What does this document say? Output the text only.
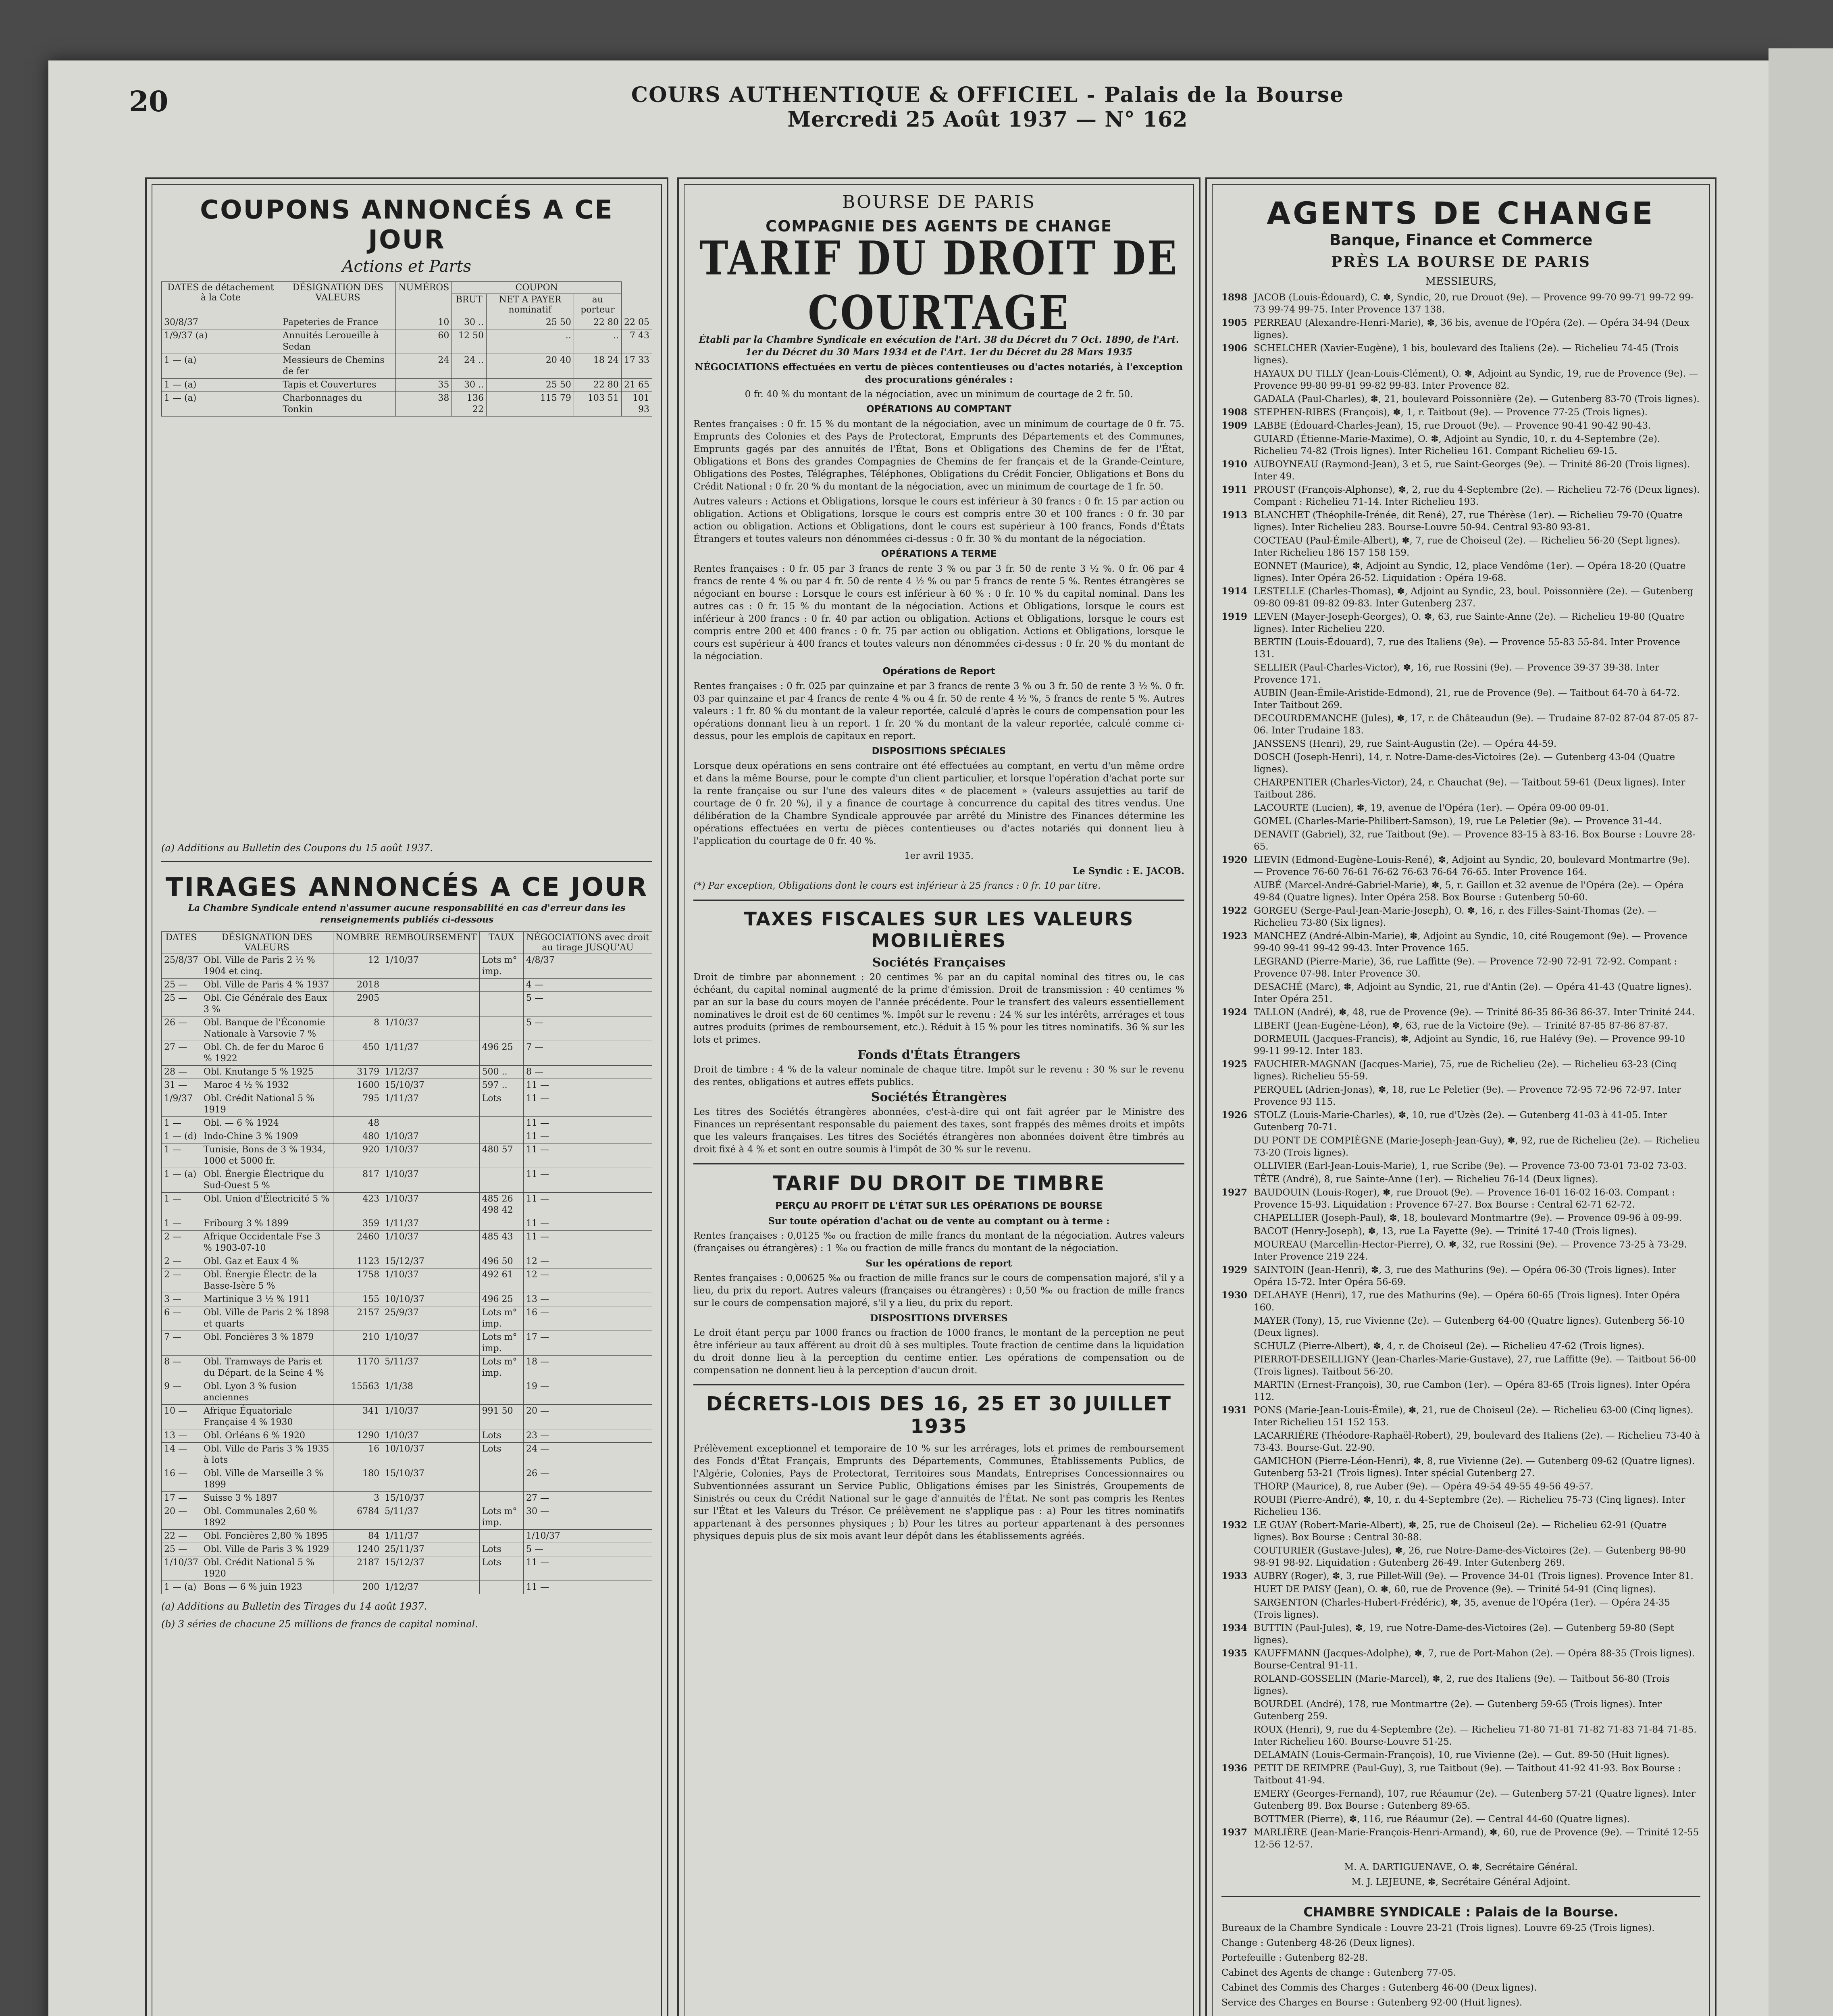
20	COURS AUTHENTIQUE & OFFICIEL - Palais de la Bourse
Mercredi 25 Août 1937 — N° 162
COUPONS ANNONCÉS A CE JOUR
Actions et Parts
DATES de détachement à la Cote	DÉSIGNATION DES VALEURS	NUMÉROS	COUPON			
			BRUT	NET A PAYER nominatif	au porteur	
30/8/37	Papeteries de France	10	30 ..	25 50	22 80	22 05
1/9/37 (a)	Annuités Leroueille à Sedan	60	12 50	..	..	7 43
1 — (a)	Messieurs de Chemins de fer	24	24 ..	20 40	18 24	17 33
1 — (a)	Tapis et Couvertures	35	30 ..	25 50	22 80	21 65
1 — (a)	Charbonnages du Tonkin	38	136 22	115 79	103 51	101 93
(a) Additions au Bulletin des Coupons du 15 août 1937.
TIRAGES ANNONCÉS A CE JOUR
La Chambre Syndicale entend n'assumer aucune responsabilité en cas d'erreur dans les renseignements publiés ci-dessous
DATES	DÉSIGNATION DES VALEURS	NOMBRE	REMBOURSEMENT	TAUX	NÉGOCIATIONS avec droit au tirage JUSQU'AU
25/8/37	Obl. Ville de Paris 2 ½ % 1904 et cinq.	12	1/10/37	Lots m° imp.	4/8/37
25 —	Obl. Ville de Paris 4 % 1937	2018			4 —
25 —	Obl. Cie Générale des Eaux 3 %	2905			5 —
26 —	Obl. Banque de l'Économie Nationale à Varsovie 7 %	8	1/10/37		5 —
27 —	Obl. Ch. de fer du Maroc 6 % 1922	450	1/11/37	496 25	7 —
28 —	Obl. Knutange 5 % 1925	3179	1/12/37	500 ..	8 —
31 —	Maroc 4 ½ % 1932	1600	15/10/37	597 ..	11 —
1/9/37	Obl. Crédit National 5 % 1919	795	1/11/37	Lots	11 —
1 —	Obl. — 6 % 1924	48			11 —
1 — (d)	Indo-Chine 3 % 1909	480	1/10/37		11 —
1 —	Tunisie, Bons de 3 % 1934, 1000 et 5000 fr.	920	1/10/37	480 57	11 —
1 — (a)	Obl. Énergie Électrique du Sud-Ouest 5 %	817	1/10/37		11 —
1 —	Obl. Union d'Électricité 5 %	423	1/10/37	485 26 498 42	11 —
1 —	Fribourg 3 % 1899	359	1/11/37		11 —
2 —	Afrique Occidentale Fse 3 % 1903-07-10	2460	1/10/37	485 43	11 —
2 —	Obl. Gaz et Eaux 4 %	1123	15/12/37	496 50	12 —
2 —	Obl. Énergie Électr. de la Basse-Isère 5 %	1758	1/10/37	492 61	12 —
3 —	Martinique 3 ½ % 1911	155	10/10/37	496 25	13 —
6 —	Obl. Ville de Paris 2 % 1898 et quarts	2157	25/9/37	Lots m° imp.	16 —
7 —	Obl. Foncières 3 % 1879	210	1/10/37	Lots m° imp.	17 —
8 —	Obl. Tramways de Paris et du Départ. de la Seine 4 %	1170	5/11/37	Lots m° imp.	18 —
9 —	Obl. Lyon 3 % fusion anciennes	15563	1/1/38		19 —
10 —	Afrique Équatoriale Française 4 % 1930	341	1/10/37	991 50	20 —
13 —	Obl. Orléans 6 % 1920	1290	1/10/37	Lots	23 —
14 —	Obl. Ville de Paris 3 % 1935 à lots	16	10/10/37	Lots	24 —
16 —	Obl. Ville de Marseille 3 % 1899	180	15/10/37		26 —
17 —	Suisse 3 % 1897	3	15/10/37		27 —
20 —	Obl. Communales 2,60 % 1892	6784	5/11/37	Lots m° imp.	30 —
22 —	Obl. Foncières 2,80 % 1895	84	1/11/37		1/10/37
25 —	Obl. Ville de Paris 3 % 1929	1240	25/11/37	Lots	5 —
1/10/37	Obl. Crédit National 5 % 1920	2187	15/12/37	Lots	11 —
1 — (a)	Bons — 6 % juin 1923	200	1/12/37		11 —
(a) Additions au Bulletin des Tirages du 14 août 1937.
(b) 3 séries de chacune 25 millions de francs de capital nominal.
BOURSE DE PARIS
COMPAGNIE DES AGENTS DE CHANGE
TARIF DU DROIT DE COURTAGE
Établi par la Chambre Syndicale en exécution de l'Art. 38 du Décret du 7 Oct. 1890, de l'Art. 1er du Décret du 30 Mars 1934 et de l'Art. 1er du Décret du 28 Mars 1935
NÉGOCIATIONS effectuées en vertu de pièces contentieuses ou d'actes notariés, à l'exception des procurations générales :
0 fr. 40 % du montant de la négociation, avec un minimum de courtage de 2 fr. 50.
OPÉRATIONS AU COMPTANT
Rentes françaises : 0 fr. 15 % du montant de la négociation, avec un minimum de courtage de 0 fr. 75. Emprunts des Colonies et des Pays de Protectorat, Emprunts des Départements et des Communes, Emprunts gagés par des annuités de l'État, Bons et Obligations des Chemins de fer de l'État, Obligations et Bons des grandes Compagnies de Chemins de fer français et de la Grande-Ceinture, Obligations des Postes, Télégraphes, Téléphones, Obligations du Crédit Foncier, Obligations et Bons du Crédit National : 0 fr. 20 % du montant de la négociation, avec un minimum de courtage de 1 fr. 50.
Autres valeurs : Actions et Obligations, lorsque le cours est inférieur à 30 francs : 0 fr. 15 par action ou obligation. Actions et Obligations, lorsque le cours est compris entre 30 et 100 francs : 0 fr. 30 par action ou obligation. Actions et Obligations, dont le cours est supérieur à 100 francs, Fonds d'États Étrangers et toutes valeurs non dénommées ci-dessus : 0 fr. 30 % du montant de la négociation.
OPÉRATIONS A TERME
Rentes françaises : 0 fr. 05 par 3 francs de rente 3 % ou par 3 fr. 50 de rente 3 ½ %. 0 fr. 06 par 4 francs de rente 4 % ou par 4 fr. 50 de rente 4 ½ % ou par 5 francs de rente 5 %. Rentes étrangères se négociant en bourse : Lorsque le cours est inférieur à 60 % : 0 fr. 10 % du capital nominal. Dans les autres cas : 0 fr. 15 % du montant de la négociation. Actions et Obligations, lorsque le cours est inférieur à 200 francs : 0 fr. 40 par action ou obligation. Actions et Obligations, lorsque le cours est compris entre 200 et 400 francs : 0 fr. 75 par action ou obligation. Actions et Obligations, lorsque le cours est supérieur à 400 francs et toutes valeurs non dénommées ci-dessus : 0 fr. 20 % du montant de la négociation.
Opérations de Report
Rentes françaises : 0 fr. 025 par quinzaine et par 3 francs de rente 3 % ou 3 fr. 50 de rente 3 ½ %. 0 fr. 03 par quinzaine et par 4 francs de rente 4 % ou 4 fr. 50 de rente 4 ½ %, 5 francs de rente 5 %. Autres valeurs : 1 fr. 80 % du montant de la valeur reportée, calculé d'après le cours de compensation pour les opérations donnant lieu à un report. 1 fr. 20 % du montant de la valeur reportée, calculé comme ci-dessus, pour les emplois de capitaux en report.
DISPOSITIONS SPÉCIALES
Lorsque deux opérations en sens contraire ont été effectuées au comptant, en vertu d'un même ordre et dans la même Bourse, pour le compte d'un client particulier, et lorsque l'opération d'achat porte sur la rente française ou sur l'une des valeurs dites « de placement » (valeurs assujetties au tarif de courtage de 0 fr. 20 %), il y a finance de courtage à concurrence du capital des titres vendus. Une délibération de la Chambre Syndicale approuvée par arrêté du Ministre des Finances détermine les opérations effectuées en vertu de pièces contentieuses ou d'actes notariés qui donnent lieu à l'application du courtage de 0 fr. 40 %.
1er avril 1935.
Le Syndic : E. JACOB.
(*) Par exception, Obligations dont le cours est inférieur à 25 francs : 0 fr. 10 par titre.
TAXES FISCALES SUR LES VALEURS MOBILIÈRES
Sociétés Françaises
Droit de timbre par abonnement : 20 centimes % par an du capital nominal des titres ou, le cas échéant, du capital nominal augmenté de la prime d'émission. Droit de transmission : 40 centimes % par an sur la base du cours moyen de l'année précédente. Pour le transfert des valeurs essentiellement nominatives le droit est de 60 centimes %. Impôt sur le revenu : 24 % sur les intérêts, arrérages et tous autres produits (primes de remboursement, etc.). Réduit à 15 % pour les titres nominatifs. 36 % sur les lots et primes.
Fonds d'États Étrangers
Droit de timbre : 4 % de la valeur nominale de chaque titre. Impôt sur le revenu : 30 % sur le revenu des rentes, obligations et autres effets publics.
Sociétés Étrangères
Les titres des Sociétés étrangères abonnées, c'est-à-dire qui ont fait agréer par le Ministre des Finances un représentant responsable du paiement des taxes, sont frappés des mêmes droits et impôts que les valeurs françaises. Les titres des Sociétés étrangères non abonnées doivent être timbrés au droit fixé à 4 % et sont en outre soumis à l'impôt de 30 % sur le revenu.
TARIF DU DROIT DE TIMBRE
PERÇU AU PROFIT DE L'ÉTAT SUR LES OPÉRATIONS DE BOURSE
Sur toute opération d'achat ou de vente au comptant ou à terme :
Rentes françaises : 0,0125 ‰ ou fraction de mille francs du montant de la négociation. Autres valeurs (françaises ou étrangères) : 1 ‰ ou fraction de mille francs du montant de la négociation.
Sur les opérations de report
Rentes françaises : 0,00625 ‰ ou fraction de mille francs sur le cours de compensation majoré, s'il y a lieu, du prix du report. Autres valeurs (françaises ou étrangères) : 0,50 ‰ ou fraction de mille francs sur le cours de compensation majoré, s'il y a lieu, du prix du report.
DISPOSITIONS DIVERSES
Le droit étant perçu par 1000 francs ou fraction de 1000 francs, le montant de la perception ne peut être inférieur au taux afférent au droit dû à ses multiples. Toute fraction de centime dans la liquidation du droit donne lieu à la perception du centime entier. Les opérations de compensation ou de compensation ne donnent lieu à la perception d'aucun droit.
DÉCRETS-LOIS DES 16, 25 ET 30 JUILLET 1935
Prélèvement exceptionnel et temporaire de 10 % sur les arrérages, lots et primes de remboursement des Fonds d'État Français, Emprunts des Départements, Communes, Établissements Publics, de l'Algérie, Colonies, Pays de Protectorat, Territoires sous Mandats, Entreprises Concessionnaires ou Subventionnées assurant un Service Public, Obligations émises par les Sinistrés, Groupements de Sinistrés ou ceux du Crédit National sur le gage d'annuités de l'État. Ne sont pas compris les Rentes sur l'État et les Valeurs du Trésor. Ce prélèvement ne s'applique pas : a) Pour les titres nominatifs appartenant à des personnes physiques ; b) Pour les titres au porteur appartenant à des personnes physiques depuis plus de six mois avant leur dépôt dans les établissements agréés.
AGENTS DE CHANGE
Banque, Finance et Commerce
PRÈS LA BOURSE DE PARIS
MESSIEURS,
1898 JACOB (Louis-Édouard), C. ✽, Syndic, 20, rue Drouot (9e). — Provence 99-70 99-71 99-72 99-73 99-74 99-75. Inter Provence 137 138.
1905 PERREAU (Alexandre-Henri-Marie), ✽, 36 bis, avenue de l'Opéra (2e). — Opéra 34-94 (Deux lignes).
1906 SCHELCHER (Xavier-Eugène), 1 bis, boulevard des Italiens (2e). — Richelieu 74-45 (Trois lignes).
HAYAUX DU TILLY (Jean-Louis-Clément), O. ✽, Adjoint au Syndic, 19, rue de Provence (9e). — Provence 99-80 99-81 99-82 99-83. Inter Provence 82.
GADALA (Paul-Charles), ✽, 21, boulevard Poissonnière (2e). — Gutenberg 83-70 (Trois lignes).
1908 STEPHEN-RIBES (François), ✽, 1, r. Taitbout (9e). — Provence 77-25 (Trois lignes).
1909 LABBE (Édouard-Charles-Jean), 15, rue Drouot (9e). — Provence 90-41 90-42 90-43.
GUIARD (Étienne-Marie-Maxime), O. ✽, Adjoint au Syndic, 10, r. du 4-Septembre (2e). Richelieu 74-82 (Trois lignes). Inter Richelieu 161. Compant Richelieu 69-15.
1910 AUBOYNEAU (Raymond-Jean), 3 et 5, rue Saint-Georges (9e). — Trinité 86-20 (Trois lignes). Inter 49.
1911 PROUST (François-Alphonse), ✽, 2, rue du 4-Septembre (2e). — Richelieu 72-76 (Deux lignes). Compant : Richelieu 71-14. Inter Richelieu 193.
1913 BLANCHET (Théophile-Irénée, dit René), 27, rue Thérèse (1er). — Richelieu 79-70 (Quatre lignes). Inter Richelieu 283. Bourse-Louvre 50-94. Central 93-80 93-81.
COCTEAU (Paul-Émile-Albert), ✽, 7, rue de Choiseul (2e). — Richelieu 56-20 (Sept lignes). Inter Richelieu 186 157 158 159.
EONNET (Maurice), ✽, Adjoint au Syndic, 12, place Vendôme (1er). — Opéra 18-20 (Quatre lignes). Inter Opéra 26-52. Liquidation : Opéra 19-68.
1914 LESTELLE (Charles-Thomas), ✽, Adjoint au Syndic, 23, boul. Poissonnière (2e). — Gutenberg 09-80 09-81 09-82 09-83. Inter Gutenberg 237.
1919 LEVEN (Mayer-Joseph-Georges), O. ✽, 63, rue Sainte-Anne (2e). — Richelieu 19-80 (Quatre lignes). Inter Richelieu 220.
BERTIN (Louis-Édouard), 7, rue des Italiens (9e). — Provence 55-83 55-84. Inter Provence 131.
SELLIER (Paul-Charles-Victor), ✽, 16, rue Rossini (9e). — Provence 39-37 39-38. Inter Provence 171.
AUBIN (Jean-Émile-Aristide-Edmond), 21, rue de Provence (9e). — Taitbout 64-70 à 64-72. Inter Taitbout 269.
DECOURDEMANCHE (Jules), ✽, 17, r. de Châteaudun (9e). — Trudaine 87-02 87-04 87-05 87-06. Inter Trudaine 183.
JANSSENS (Henri), 29, rue Saint-Augustin (2e). — Opéra 44-59.
DOSCH (Joseph-Henri), 14, r. Notre-Dame-des-Victoires (2e). — Gutenberg 43-04 (Quatre lignes).
CHARPENTIER (Charles-Victor), 24, r. Chauchat (9e). — Taitbout 59-61 (Deux lignes). Inter Taitbout 286.
LACOURTE (Lucien), ✽, 19, avenue de l'Opéra (1er). — Opéra 09-00 09-01.
GOMEL (Charles-Marie-Philibert-Samson), 19, rue Le Peletier (9e). — Provence 31-44.
DENAVIT (Gabriel), 32, rue Taitbout (9e). — Provence 83-15 à 83-16. Box Bourse : Louvre 28-65.
1920 LIEVIN (Edmond-Eugène-Louis-René), ✽, Adjoint au Syndic, 20, boulevard Montmartre (9e). — Provence 76-60 76-61 76-62 76-63 76-64 76-65. Inter Provence 164.
AUBÉ (Marcel-André-Gabriel-Marie), ✽, 5, r. Gaillon et 32 avenue de l'Opéra (2e). — Opéra 49-84 (Quatre lignes). Inter Opéra 258. Box Bourse : Gutenberg 50-60.
1922 GORGEU (Serge-Paul-Jean-Marie-Joseph), O. ✽, 16, r. des Filles-Saint-Thomas (2e). — Richelieu 73-80 (Six lignes).
1923 MANCHEZ (André-Albin-Marie), ✽, Adjoint au Syndic, 10, cité Rougemont (9e). — Provence 99-40 99-41 99-42 99-43. Inter Provence 165.
LEGRAND (Pierre-Marie), 36, rue Laffitte (9e). — Provence 72-90 72-91 72-92. Compant : Provence 07-98. Inter Provence 30.
DESACHÉ (Marc), ✽, Adjoint au Syndic, 21, rue d'Antin (2e). — Opéra 41-43 (Quatre lignes). Inter Opéra 251.
1924 TALLON (André), ✽, 48, rue de Provence (9e). — Trinité 86-35 86-36 86-37. Inter Trinité 244.
LIBERT (Jean-Eugène-Léon), ✽, 63, rue de la Victoire (9e). — Trinité 87-85 87-86 87-87.
DORMEUIL (Jacques-Francis), ✽, Adjoint au Syndic, 16, rue Halévy (9e). — Provence 99-10 99-11 99-12. Inter 183.
1925 FAUCHIER-MAGNAN (Jacques-Marie), 75, rue de Richelieu (2e). — Richelieu 63-23 (Cinq lignes). Richelieu 55-59.
PERQUEL (Adrien-Jonas), ✽, 18, rue Le Peletier (9e). — Provence 72-95 72-96 72-97. Inter Provence 93 115.
1926 STOLZ (Louis-Marie-Charles), ✽, 10, rue d'Uzès (2e). — Gutenberg 41-03 à 41-05. Inter Gutenberg 70-71.
DU PONT DE COMPIÈGNE (Marie-Joseph-Jean-Guy), ✽, 92, rue de Richelieu (2e). — Richelieu 73-20 (Trois lignes).
OLLIVIER (Earl-Jean-Louis-Marie), 1, rue Scribe (9e). — Provence 73-00 73-01 73-02 73-03.
TÊTE (André), 8, rue Sainte-Anne (1er). — Richelieu 76-14 (Deux lignes).
1927 BAUDOUIN (Louis-Roger), ✽, rue Drouot (9e). — Provence 16-01 16-02 16-03. Compant : Provence 15-93. Liquidation : Provence 67-27. Box Bourse : Central 62-71 62-72.
CHAPELLIER (Joseph-Paul), ✽, 18, boulevard Montmartre (9e). — Provence 09-96 à 09-99.
BACOT (Henry-Joseph), ✽, 13, rue La Fayette (9e). — Trinité 17-40 (Trois lignes).
MOUREAU (Marcellin-Hector-Pierre), O. ✽, 32, rue Rossini (9e). — Provence 73-25 à 73-29. Inter Provence 219 224.
1929 SAINTOIN (Jean-Henri), ✽, 3, rue des Mathurins (9e). — Opéra 06-30 (Trois lignes). Inter Opéra 15-72. Inter Opéra 56-69.
1930 DELAHAYE (Henri), 17, rue des Mathurins (9e). — Opéra 60-65 (Trois lignes). Inter Opéra 160.
MAYER (Tony), 15, rue Vivienne (2e). — Gutenberg 64-00 (Quatre lignes). Gutenberg 56-10 (Deux lignes).
SCHULZ (Pierre-Albert), ✽, 4, r. de Choiseul (2e). — Richelieu 47-62 (Trois lignes).
PIERROT-DESEILLIGNY (Jean-Charles-Marie-Gustave), 27, rue Laffitte (9e). — Taitbout 56-00 (Trois lignes). Taitbout 56-20.
MARTIN (Ernest-François), 30, rue Cambon (1er). — Opéra 83-65 (Trois lignes). Inter Opéra 112.
1931 PONS (Marie-Jean-Louis-Émile), ✽, 21, rue de Choiseul (2e). — Richelieu 63-00 (Cinq lignes). Inter Richelieu 151 152 153.
LACARRIÈRE (Théodore-Raphaël-Robert), 29, boulevard des Italiens (2e). — Richelieu 73-40 à 73-43. Bourse-Gut. 22-90.
GAMICHON (Pierre-Léon-Henri), ✽, 8, rue Vivienne (2e). — Gutenberg 09-62 (Quatre lignes). Gutenberg 53-21 (Trois lignes). Inter spécial Gutenberg 27.
THORP (Maurice), 8, rue Auber (9e). — Opéra 49-54 49-55 49-56 49-57.
ROUBI (Pierre-André), ✽, 10, r. du 4-Septembre (2e). — Richelieu 75-73 (Cinq lignes). Inter Richelieu 136.
1932 LE GUAY (Robert-Marie-Albert), ✽, 25, rue de Choiseul (2e). — Richelieu 62-91 (Quatre lignes). Box Bourse : Central 30-88.
COUTURIER (Gustave-Jules), ✽, 26, rue Notre-Dame-des-Victoires (2e). — Gutenberg 98-90 98-91 98-92. Liquidation : Gutenberg 26-49. Inter Gutenberg 269.
1933 AUBRY (Roger), ✽, 3, rue Pillet-Will (9e). — Provence 34-01 (Trois lignes). Provence Inter 81.
HUET DE PAISY (Jean), O. ✽, 60, rue de Provence (9e). — Trinité 54-91 (Cinq lignes).
SARGENTON (Charles-Hubert-Frédéric), ✽, 35, avenue de l'Opéra (1er). — Opéra 24-35 (Trois lignes).
1934 BUTTIN (Paul-Jules), ✽, 19, rue Notre-Dame-des-Victoires (2e). — Gutenberg 59-80 (Sept lignes).
1935 KAUFFMANN (Jacques-Adolphe), ✽, 7, rue de Port-Mahon (2e). — Opéra 88-35 (Trois lignes). Bourse-Central 91-11.
ROLAND-GOSSELIN (Marie-Marcel), ✽, 2, rue des Italiens (9e). — Taitbout 56-80 (Trois lignes).
BOURDEL (André), 178, rue Montmartre (2e). — Gutenberg 59-65 (Trois lignes). Inter Gutenberg 259.
ROUX (Henri), 9, rue du 4-Septembre (2e). — Richelieu 71-80 71-81 71-82 71-83 71-84 71-85. Inter Richelieu 160. Bourse-Louvre 51-25.
DELAMAIN (Louis-Germain-François), 10, rue Vivienne (2e). — Gut. 89-50 (Huit lignes).
1936 PETIT DE REIMPRE (Paul-Guy), 3, rue Taitbout (9e). — Taitbout 41-92 41-93. Box Bourse : Taitbout 41-94.
EMERY (Georges-Fernand), 107, rue Réaumur (2e). — Gutenberg 57-21 (Quatre lignes). Inter Gutenberg 89. Box Bourse : Gutenberg 89-65.
BOTTMER (Pierre), ✽, 116, rue Réaumur (2e). — Central 44-60 (Quatre lignes).
1937 MARLIÈRE (Jean-Marie-François-Henri-Armand), ✽, 60, rue de Provence (9e). — Trinité 12-55 12-56 12-57.
M. A. DARTIGUENAVE, O. ✽, Secrétaire Général.
M. J. LEJEUNE, ✽, Secrétaire Général Adjoint.
CHAMBRE SYNDICALE : Palais de la Bourse.
Bureaux de la Chambre Syndicale : Louvre 23-21 (Trois lignes). Louvre 69-25 (Trois lignes).
Change : Gutenberg 48-26 (Deux lignes).
Portefeuille : Gutenberg 82-28.
Cabinet des Agents de change : Gutenberg 77-05.
Cabinet des Commis des Charges : Gutenberg 46-00 (Deux lignes).
Service des Charges en Bourse : Gutenberg 92-00 (Huit lignes).
